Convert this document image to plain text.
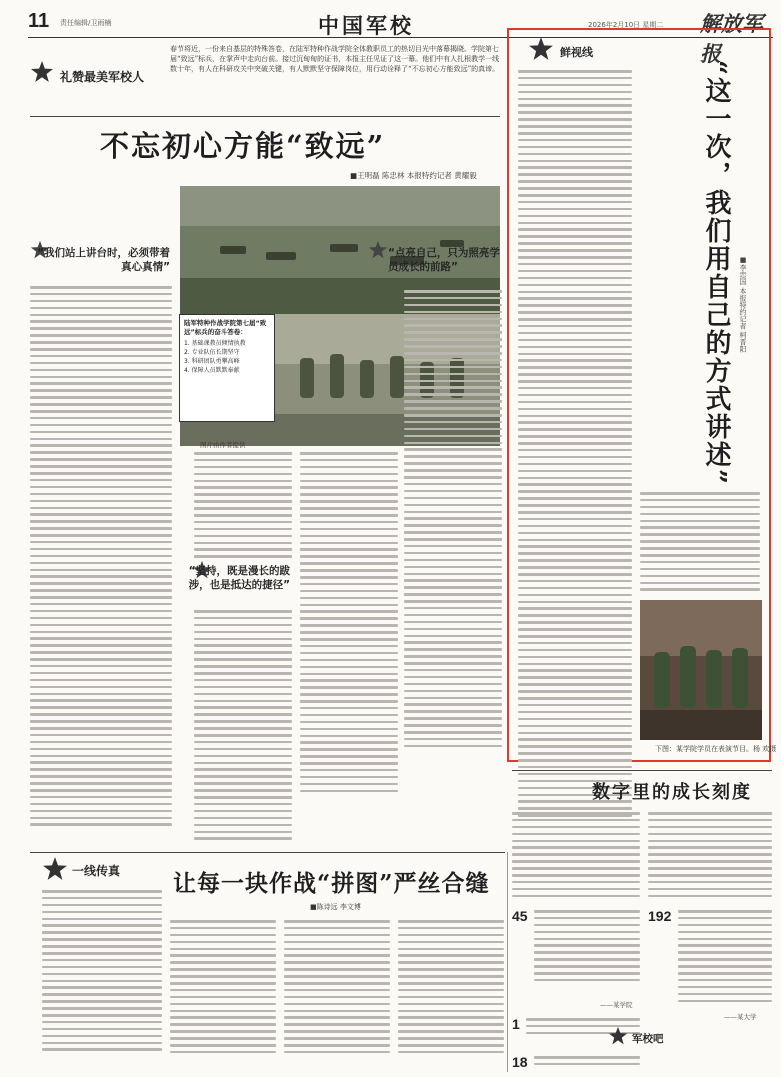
11 责任编辑/卫雨楠	中国军校	2026年2月10日 星期二 解放军报
礼赞最美军校人

春节将近，一份来自基层的特殊答卷，在陆军特种作战学院全体教职员工的热切目光中落幕揭晓。学院第七届“致远”标兵，在掌声中走向台前。接过沉甸甸的证书，本报主任见证了这一幕。他们中有人扎根教学一线数十年，有人在科研攻关中突破关键，有人默默坚守保障岗位，用行动诠释了“不忘初心方能致远”的真谛。

不忘初心方能“致远”
■王明磊 陈忠林 本报特约记者 黄耀毅
“我们站上讲台时，必须带着真心真情”
陆军特种作战学院第七届“致远”标兵的奋斗答卷：
1. 基础课教员倾情执教
2. 专业队伍长期坚守
3. 科研团队勇攀高峰
4. 保障人员默默奉献
图片由作者提供
“点亮自己，只为照亮学员成长的前路”
“坚持，既是漫长的跋涉，也是抵达的捷径”
鲜视线
“这一次，我们用自己的方式讲述” ■李忠国 本报特约记者 柯晋阳
下图：某学院学员在表演节目。杨 欢摄
数字里的成长刻度
45
——某学院
192
——某大学
1
18
军校吧
一线传真 让每一块作战“拼图”严丝合缝
■陈诗远 李文博
